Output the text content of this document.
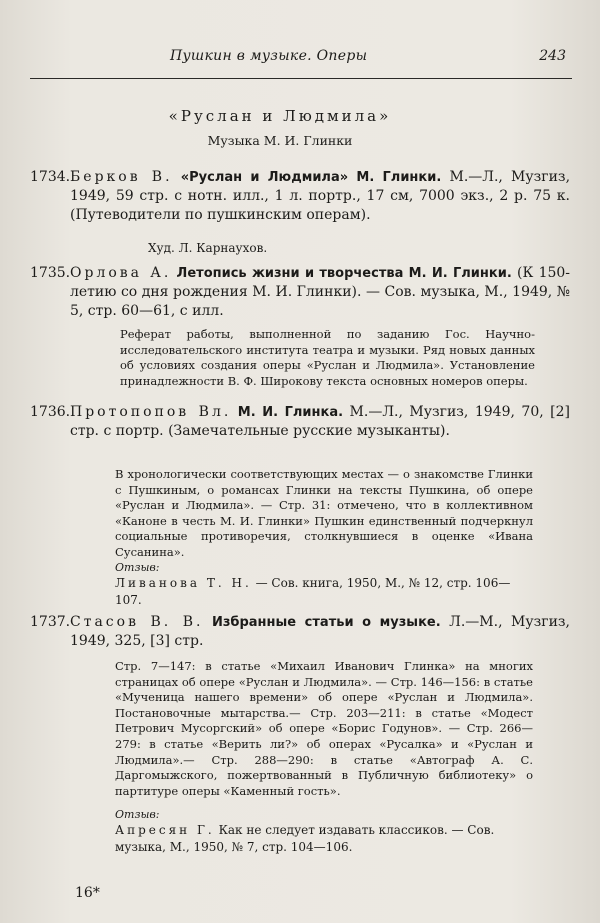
Пушкин в музыке. Оперы	243
«Руслан и Людмила»
Музыка М. И. Глинки
1734. Берков В. «Руслан и Людмила» М. Глинки. М.—Л., Музгиз, 1949, 59 стр. с нотн. илл., 1 л. портр., 17 см, 7000 экз., 2 р. 75 к. (Путеводители по пушкинским операм).
Худ. Л. Карнаухов.
1735. Орлова А. Летопись жизни и творчества М. И. Глинки. (К 150-летию со дня рождения М. И. Глинки). — Сов. музыка, М., 1949, № 5, стр. 60—61, с илл.
Реферат работы, выполненной по заданию Гос. Научно-исследовательского института театра и музыки. Ряд новых данных об условиях создания оперы «Руслан и Людмила». Установление принадлежности В. Ф. Широкову текста основных номеров оперы.
1736. Протопопов Вл. М. И. Глинка. М.—Л., Музгиз, 1949, 70, [2] стр. с портр. (Замечательные русские музыканты).
В хронологически соответствующих местах — о знакомстве Глинки с Пушкиным, о романсах Глинки на тексты Пушкина, об опере «Руслан и Людмила». — Стр. 31: отмечено, что в коллективном «Каноне в честь М. И. Глинки» Пушкин единственный подчеркнул социальные противоречия, столкнувшиеся в оценке «Ивана Сусанина».
Отзыв:
Ливанова Т. Н. — Сов. книга, 1950, М., № 12, стр. 106—107.
1737. Стасов В. В. Избранные статьи о музыке. Л.—М., Музгиз, 1949, 325, [3] стр.
Стр. 7—147: в статье «Михаил Иванович Глинка» на многих страницах об опере «Руслан и Людмила». — Стр. 146—156: в статье «Мученица нашего времени» об опере «Руслан и Людмила». Постановочные мытарства.— Стр. 203—211: в статье «Модест Петрович Мусоргский» об опере «Борис Годунов». — Стр. 266—279: в статье «Верить ли?» об операх «Русалка» и «Руслан и Людмила».— Стр. 288—290: в статье «Автограф А. С. Даргомыжского, пожертвованный в Публичную библиотеку» о партитуре оперы «Каменный гость».
Отзыв:
Апресян Г. Как не следует издавать классиков. — Сов. музыка, М., 1950, № 7, стр. 104—106.
16*
